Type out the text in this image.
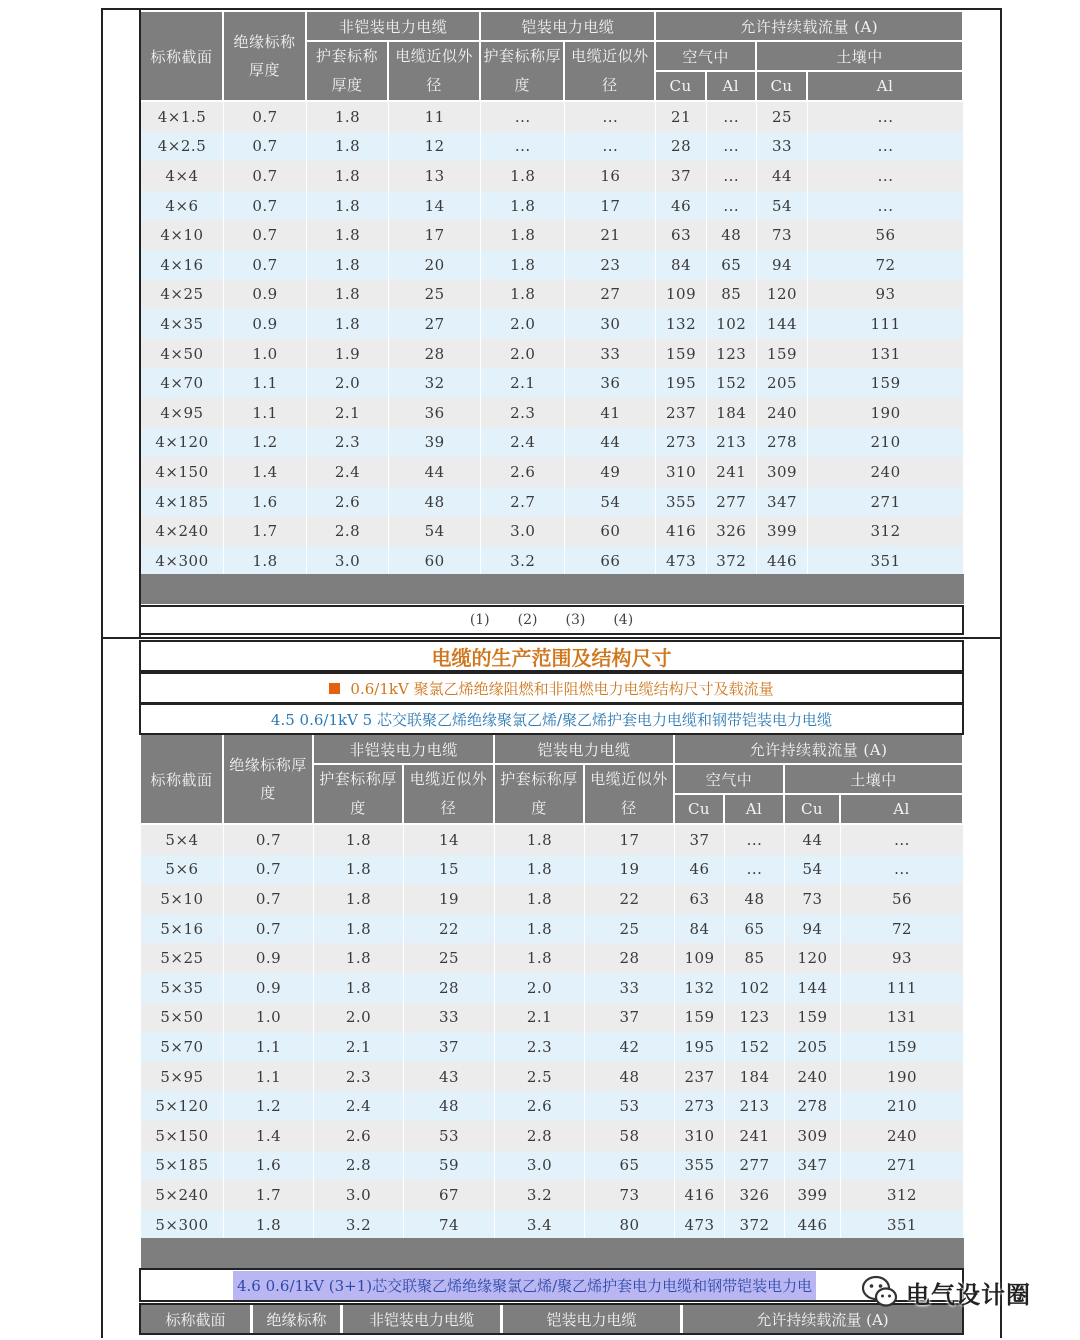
标称截面	绝缘标称厚度	非铠装电力电缆		铠装电力电缆		允许持续载流量 (A)			
		护套标称厚度	电缆近似外径	护套标称厚度	电缆近似外径	空气中		土壤中	
						Cu	Al	Cu	Al
4×1.5	0.7	1.8	11	...	...	21	...	25	...
4×2.5	0.7	1.8	12	...	...	28	...	33	...
4×4	0.7	1.8	13	1.8	16	37	...	44	...
4×6	0.7	1.8	14	1.8	17	46	...	54	...
4×10	0.7	1.8	17	1.8	21	63	48	73	56
4×16	0.7	1.8	20	1.8	23	84	65	94	72
4×25	0.9	1.8	25	1.8	27	109	85	120	93
4×35	0.9	1.8	27	2.0	30	132	102	144	111
4×50	1.0	1.9	28	2.0	33	159	123	159	131
4×70	1.1	2.0	32	2.1	36	195	152	205	159
4×95	1.1	2.1	36	2.3	41	237	184	240	190
4×120	1.2	2.3	39	2.4	44	273	213	278	210
4×150	1.4	2.4	44	2.6	49	310	241	309	240
4×185	1.6	2.6	48	2.7	54	355	277	347	271
4×240	1.7	2.8	54	3.0	60	416	326	399	312
4×300	1.8	3.0	60	3.2	66	473	372	446	351
(1) (2) (3) (4)
电缆的生产范围及结构尺寸
0.6/1kV 聚氯乙烯绝缘阻燃和非阻燃电力电缆结构尺寸及载流量
4.5 0.6/1kV 5 芯交联聚乙烯绝缘聚氯乙烯/聚乙烯护套电力电缆和钢带铠装电力电缆
标称截面	绝缘标称厚度	非铠装电力电缆		铠装电力电缆		允许持续载流量 (A)			
		护套标称厚度	电缆近似外径	护套标称厚度	电缆近似外径	空气中		土壤中	
						Cu	Al	Cu	Al
5×4	0.7	1.8	14	1.8	17	37	...	44	...
5×6	0.7	1.8	15	1.8	19	46	...	54	...
5×10	0.7	1.8	19	1.8	22	63	48	73	56
5×16	0.7	1.8	22	1.8	25	84	65	94	72
5×25	0.9	1.8	25	1.8	28	109	85	120	93
5×35	0.9	1.8	28	2.0	33	132	102	144	111
5×50	1.0	2.0	33	2.1	37	159	123	159	131
5×70	1.1	2.1	37	2.3	42	195	152	205	159
5×95	1.1	2.3	43	2.5	48	237	184	240	190
5×120	1.2	2.4	48	2.6	53	273	213	278	210
5×150	1.4	2.6	53	2.8	58	310	241	309	240
5×185	1.6	2.8	59	3.0	65	355	277	347	271
5×240	1.7	3.0	67	3.2	73	416	326	399	312
5×300	1.8	3.2	74	3.4	80	473	372	446	351
4.6 0.6/1kV (3+1)芯交联聚乙烯绝缘聚氯乙烯/聚乙烯护套电力电缆和钢带铠装电力电
标称截面	绝缘标称	非铠装电力电缆	铠装电力电缆	允许持续载流量 (A)
电气设计圈
